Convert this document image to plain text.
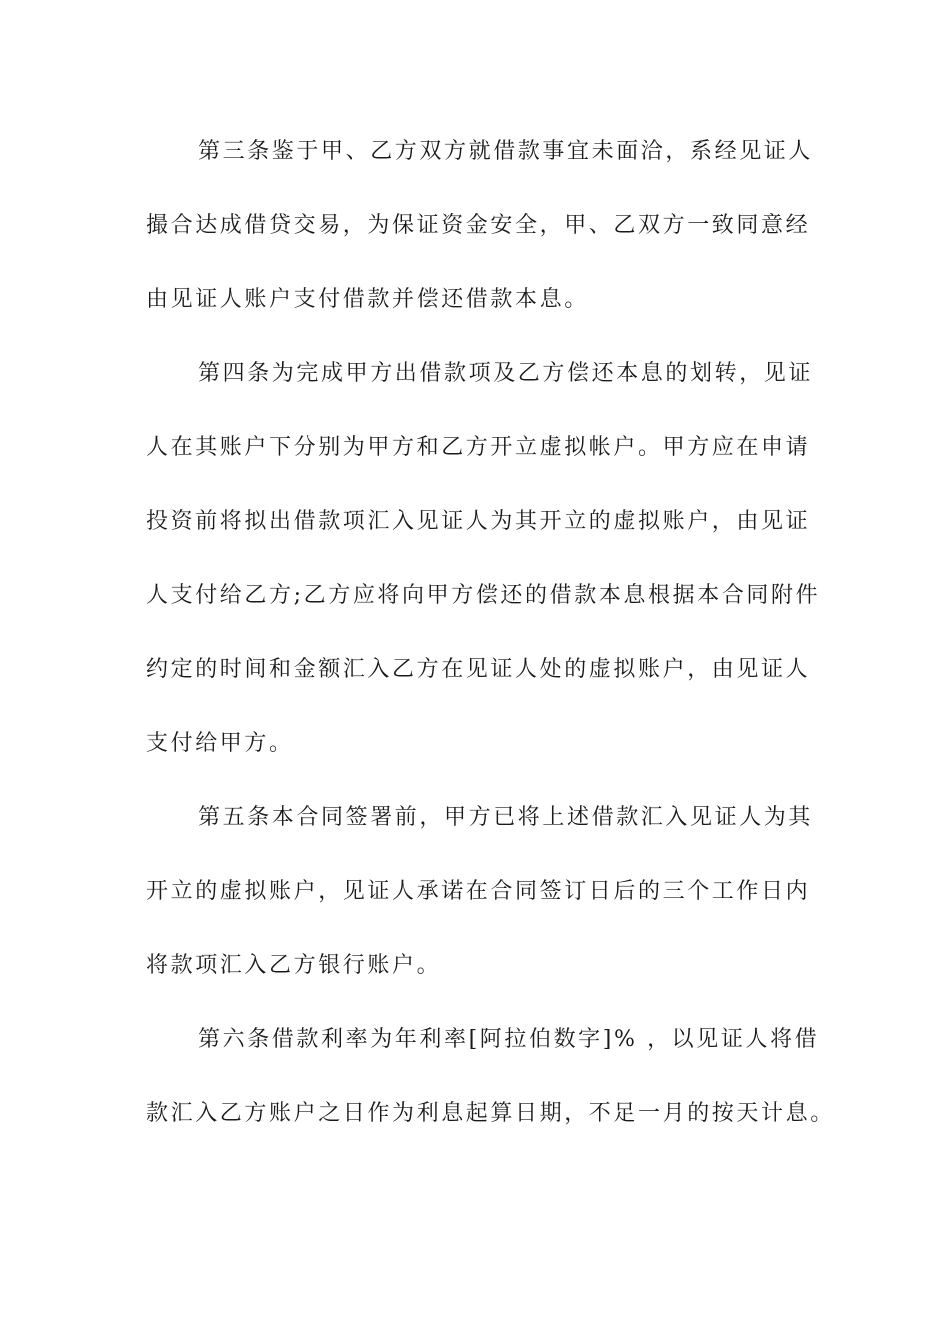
第三条鉴于甲、乙方双方就借款事宜未面洽，系经见证人
撮合达成借贷交易，为保证资金安全，甲、乙双方一致同意经
由见证人账户支付借款并偿还借款本息。
第四条为完成甲方出借款项及乙方偿还本息的划转，见证
人在其账户下分别为甲方和乙方开立虚拟帐户。甲方应在申请
投资前将拟出借款项汇入见证人为其开立的虚拟账户，由见证
人支付给乙方;乙方应将向甲方偿还的借款本息根据本合同附件
约定的时间和金额汇入乙方在见证人处的虚拟账户，由见证人
支付给甲方。
第五条本合同签署前，甲方已将上述借款汇入见证人为其
开立的虚拟账户，见证人承诺在合同签订日后的三个工作日内
将款项汇入乙方银行账户。
第六条借款利率为年利率[阿拉伯数字]% ，以见证人将借
款汇入乙方账户之日作为利息起算日期，不足一月的按天计息。
